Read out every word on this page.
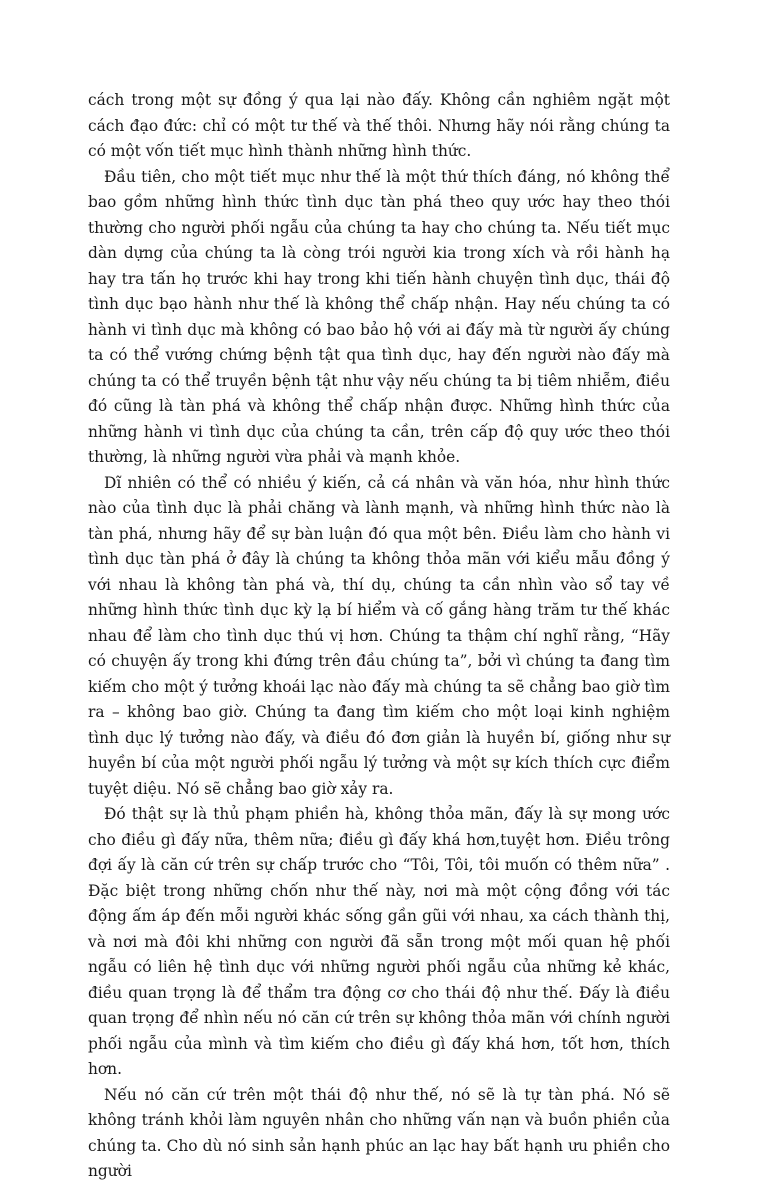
cách trong một sự đồng ý qua lại nào đấy. Không cần nghiêm ngặt một cách đạo đức: chỉ có một tư thế và thế thôi. Nhưng hãy nói rằng chúng ta có một vốn tiết mục hình thành những hình thức.

Đầu tiên, cho một tiết mục như thế là một thứ thích đáng, nó không thể bao gồm những hình thức tình dục tàn phá theo quy ước hay theo thói thường cho người phối ngẫu của chúng ta hay cho chúng ta. Nếu tiết mục dàn dựng của chúng ta là còng trói người kia trong xích và rồi hành hạ hay tra tấn họ trước khi hay trong khi tiến hành chuyện tình dục, thái độ tình dục bạo hành như thế là không thể chấp nhận. Hay nếu chúng ta có hành vi tình dục mà không có bao bảo hộ với ai đấy mà từ người ấy chúng ta có thể vướng chứng bệnh tật qua tình dục, hay đến người nào đấy mà chúng ta có thể truyền bệnh tật như vậy nếu chúng ta bị tiêm nhiễm, điều đó cũng là tàn phá và không thể chấp nhận được. Những hình thức của những hành vi tình dục của chúng ta cần, trên cấp độ quy ước theo thói thường, là những người vừa phải và mạnh khỏe.

Dĩ nhiên có thể có nhiều ý kiến, cả cá nhân và văn hóa, như hình thức nào của tình dục là phải chăng và lành mạnh, và những hình thức nào là tàn phá, nhưng hãy để sự bàn luận đó qua một bên. Điều làm cho hành vi tình dục tàn phá ở đây là chúng ta không thỏa mãn với kiểu mẫu đồng ý với nhau là không tàn phá và, thí dụ, chúng ta cần nhìn vào sổ tay về những hình thức tình dục kỳ lạ bí hiểm và cố gắng hàng trăm tư thế khác nhau để làm cho tình dục thú vị hơn. Chúng ta thậm chí nghĩ rằng, “Hãy có chuyện ấy trong khi đứng trên đầu chúng ta”, bởi vì chúng ta đang tìm kiếm cho một ý tưởng khoái lạc nào đấy mà chúng ta sẽ chẳng bao giờ tìm ra – không bao giờ. Chúng ta đang tìm kiếm cho một loại kinh nghiệm tình dục lý tưởng nào đấy, và điều đó đơn giản là huyền bí, giống như sự huyền bí của một người phối ngẫu lý tưởng và một sự kích thích cực điểm tuyệt diệu. Nó sẽ chẳng bao giờ xảy ra.

Đó thật sự là thủ phạm phiền hà, không thỏa mãn, đấy là sự mong ước cho điều gì đấy nữa, thêm nữa; điều gì đấy khá hơn,tuyệt hơn. Điều trông đợi ấy là căn cứ trên sự chấp trước cho “Tôi, Tôi, tôi muốn có thêm nữa” . Đặc biệt trong những chốn như thế này, nơi mà một cộng đồng với tác động ấm áp đến mỗi người khác sống gần gũi với nhau, xa cách thành thị, và nơi mà đôi khi những con người đã sẵn trong một mối quan hệ phối ngẫu có liên hệ tình dục với những người phối ngẫu của những kẻ khác, điều quan trọng là để thẩm tra động cơ cho thái độ như thế. Đấy là điều quan trọng để nhìn nếu nó căn cứ trên sự không thỏa mãn với chính người phối ngẫu của mình và tìm kiếm cho điều gì đấy khá hơn, tốt hơn, thích hơn.

Nếu nó căn cứ trên một thái độ như thế, nó sẽ là tự tàn phá. Nó sẽ không tránh khỏi làm nguyên nhân cho những vấn nạn và buồn phiền của chúng ta. Cho dù nó sinh sản hạnh phúc an lạc hay bất hạnh ưu phiền cho người
